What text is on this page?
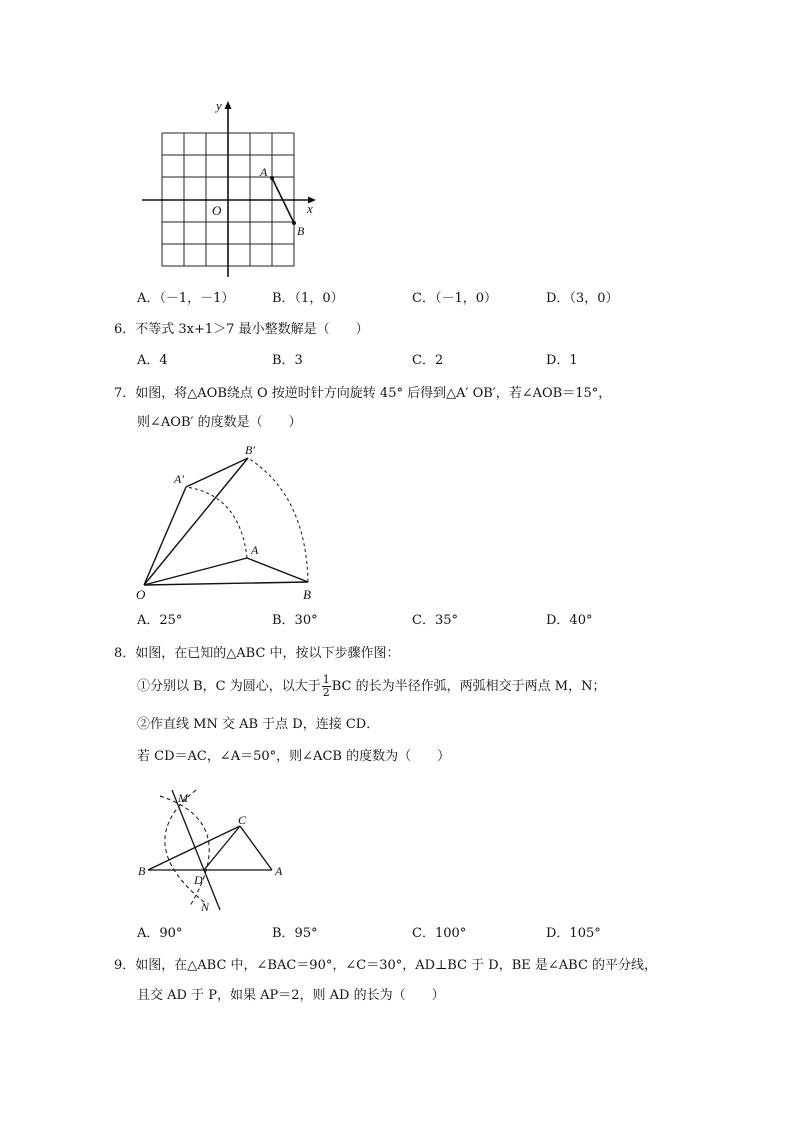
y
x
O
A
B
A．（－1，－1）	B．（1，0）	C．（－1，0）	D．（3，0）
6．不等式 3x+1＞7 最小整数解是（　　）
A．4	B．3	C．2	D．1
7．如图，将△AOB绕点 O 按逆时针方向旋转 45° 后得到△A′ OB′，若∠AOB＝15°，
则∠AOB′ 的度数是（　　）
O	B
A
A′
B′
A．25°	B．30°	C．35°	D．40°
8．如图，在已知的△ABC 中，按以下步骤作图：
①分别以 B，C 为圆心，以大于 $\frac{1}{2}$ BC 的长为半径作弧，两弧相交于两点 M，N；
②作直线 MN 交 AB 于点 D，连接 CD．
若 CD＝AC，∠A＝50°，则∠ACB 的度数为（　　）
M
N
B
C
D
A
A．90°	B．95°	C．100°	D．105°
9．如图，在△ABC 中，∠BAC＝90°，∠C＝30°，AD⊥BC 于 D，BE 是∠ABC 的平分线，
且交 AD 于 P，如果 AP＝2，则 AD 的长为（　　）
